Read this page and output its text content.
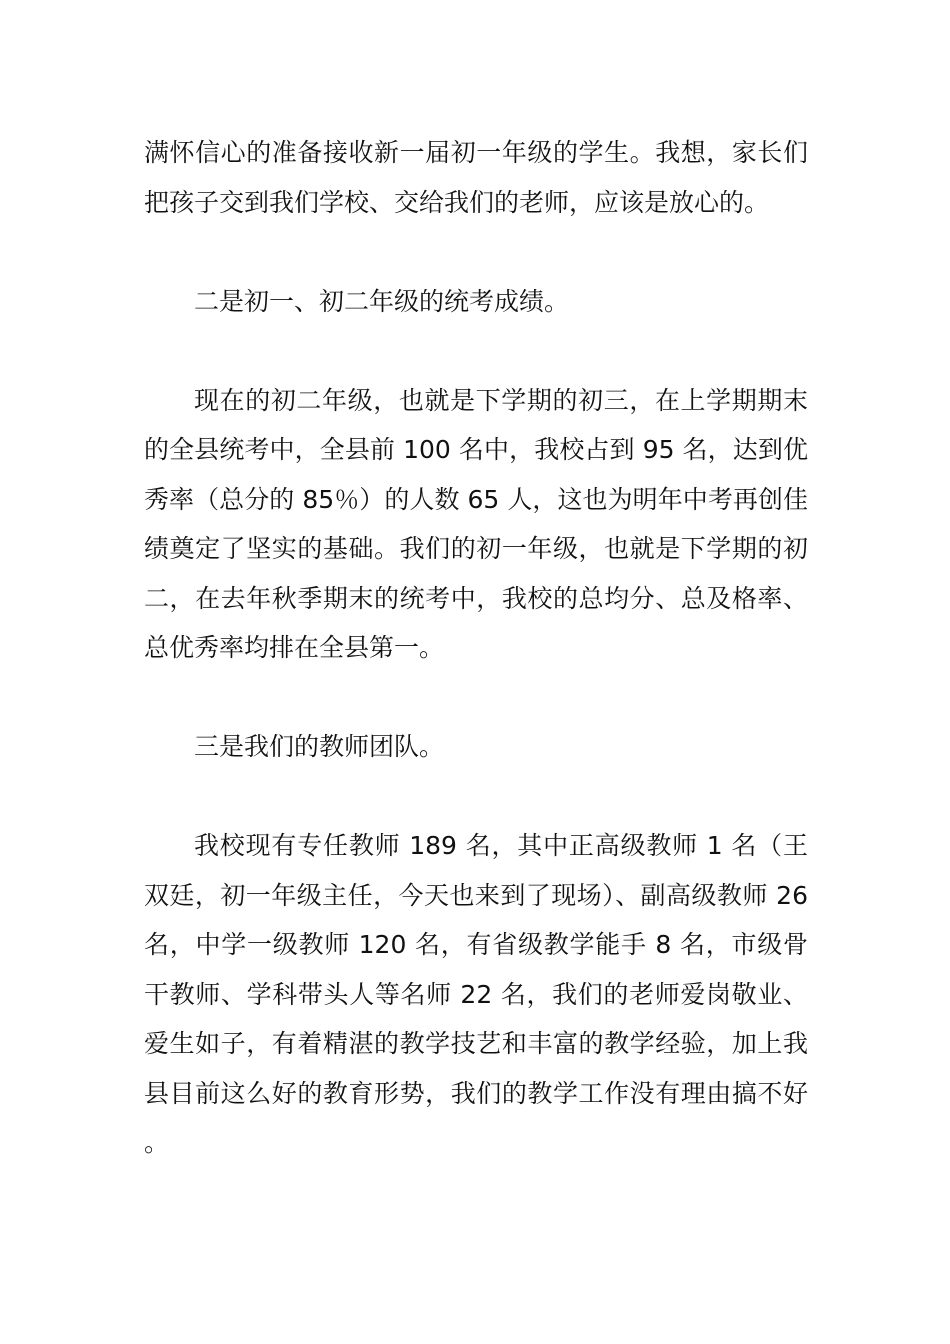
满怀信心的准备接收新一届初一年级的学生。我想，家长们把孩子交到我们学校、交给我们的老师，应该是放心的。

二是初一、初二年级的统考成绩。

现在的初二年级，也就是下学期的初三，在上学期期末的全县统考中，全县前 100 名中，我校占到 95 名，达到优秀率（总分的 85％）的人数 65 人，这也为明年中考再创佳绩奠定了坚实的基础。我们的初一年级，也就是下学期的初二，在去年秋季期末的统考中，我校的总均分、总及格率、总优秀率均排在全县第一。

三是我们的教师团队。

我校现有专任教师 189 名，其中正高级教师 1 名（王双廷，初一年级主任，今天也来到了现场）、副高级教师 26 名，中学一级教师 120 名，有省级教学能手 8 名，市级骨干教师、学科带头人等名师 22 名，我们的老师爱岗敬业、爱生如子，有着精湛的教学技艺和丰富的教学经验，加上我县目前这么好的教育形势，我们的教学工作没有理由搞不好。
